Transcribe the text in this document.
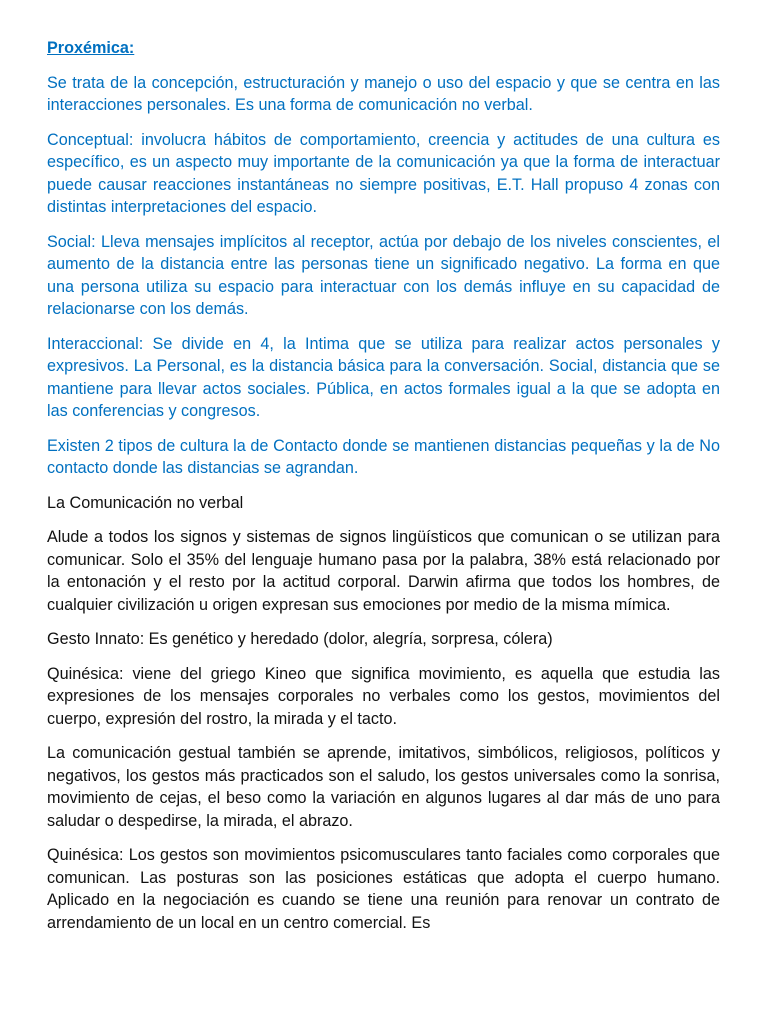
Proxémica:

Se trata de la concepción, estructuración y manejo o uso del espacio y que se centra en las interacciones personales. Es una forma de comunicación no verbal.

Conceptual: involucra hábitos de comportamiento, creencia y actitudes de una cultura es específico, es un aspecto muy importante de la comunicación ya que la forma de interactuar puede causar reacciones instantáneas no siempre positivas, E.T. Hall propuso 4 zonas con distintas interpretaciones del espacio.

Social: Lleva mensajes implícitos al receptor, actúa por debajo de los niveles conscientes, el aumento de la distancia entre las personas tiene un significado negativo. La forma en que una persona utiliza su espacio para interactuar con los demás influye en su capacidad de relacionarse con los demás.

Interaccional: Se divide en 4, la Intima que se utiliza para realizar actos personales y expresivos. La Personal, es la distancia básica para la conversación. Social, distancia que se mantiene para llevar actos sociales. Pública, en actos formales igual a la que se adopta en las conferencias y congresos.

Existen 2 tipos de cultura la de Contacto donde se mantienen distancias pequeñas y la de No contacto donde las distancias se agrandan.

La Comunicación no verbal

Alude a todos los signos y sistemas de signos lingüísticos que comunican o se utilizan para comunicar. Solo el 35% del lenguaje humano pasa por la palabra, 38% está relacionado por la entonación y el resto por la actitud corporal. Darwin afirma que todos los hombres, de cualquier civilización u origen expresan sus emociones por medio de la misma mímica.

Gesto Innato: Es genético y heredado (dolor, alegría, sorpresa, cólera)

Quinésica: viene del griego Kineo que significa movimiento, es aquella que estudia las expresiones de los mensajes corporales no verbales como los gestos, movimientos del cuerpo, expresión del rostro, la mirada y el tacto.

La comunicación gestual también se aprende, imitativos, simbólicos, religiosos, políticos y negativos, los gestos más practicados son el saludo, los gestos universales como la sonrisa, movimiento de cejas, el beso como la variación en algunos lugares al dar más de uno para saludar o despedirse, la mirada, el abrazo.

Quinésica: Los gestos son movimientos psicomusculares tanto faciales como corporales que comunican. Las posturas son las posiciones estáticas que adopta el cuerpo humano. Aplicado en la negociación es cuando se tiene una reunión para renovar un contrato de arrendamiento de un local en un centro comercial. Es
